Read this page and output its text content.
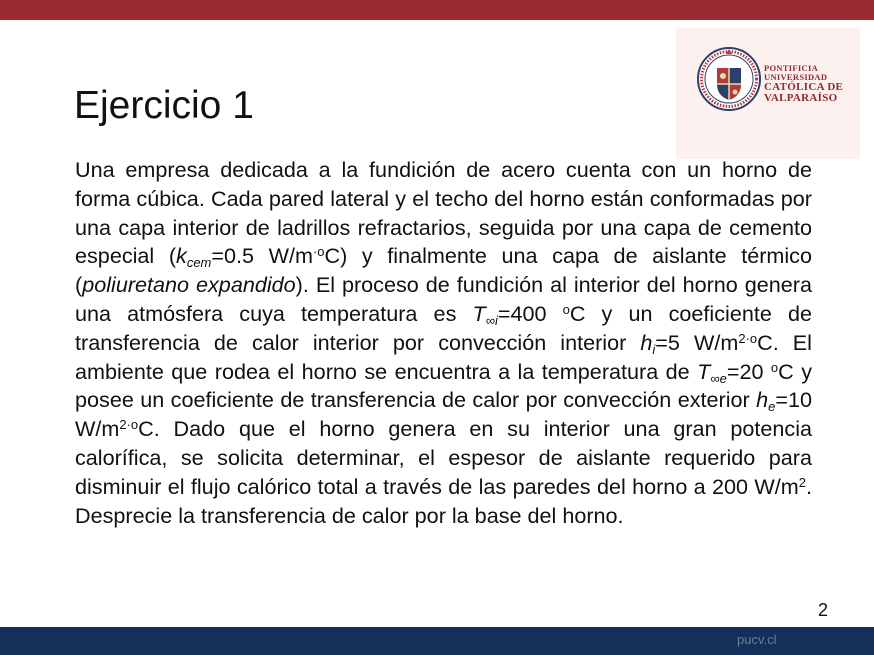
PONTIFICIA
UNIVERSIDAD
CATÓLICA DE
VALPARAÍSO
Ejercicio 1

Una empresa dedicada a la fundición de acero cuenta con un horno de forma cúbica. Cada pared lateral y el techo del horno están conformadas por una capa interior de ladrillos refractarios, seguida por una capa de cemento especial ($k_{cem}=0.5$ $W/m^{\cdot o}C$) y finalmente una capa de aislante térmico (poliuretano expandido). El proceso de fundición al interior del horno genera una atmósfera cuya temperatura es $T_{\infty i}=400$ $^o$C y un coeficiente de transferencia de calor interior por convección interior $h_i=5$ $W/m^{2\cdot o}C$. El ambiente que rodea el horno se encuentra a la temperatura de $T_{\infty e}=20$ $^o$C y posee un coeficiente de transferencia de calor por convección exterior $h_e=10$ $W/m^{2\cdot o}C$. Dado que el horno genera en su interior una gran potencia calorífica, se solicita determinar, el espesor de aislante requerido para disminuir el flujo calórico total a través de las paredes del horno a 200 $W/m^2$. Desprecie la transferencia de calor por la base del horno.

2
pucv.cl
